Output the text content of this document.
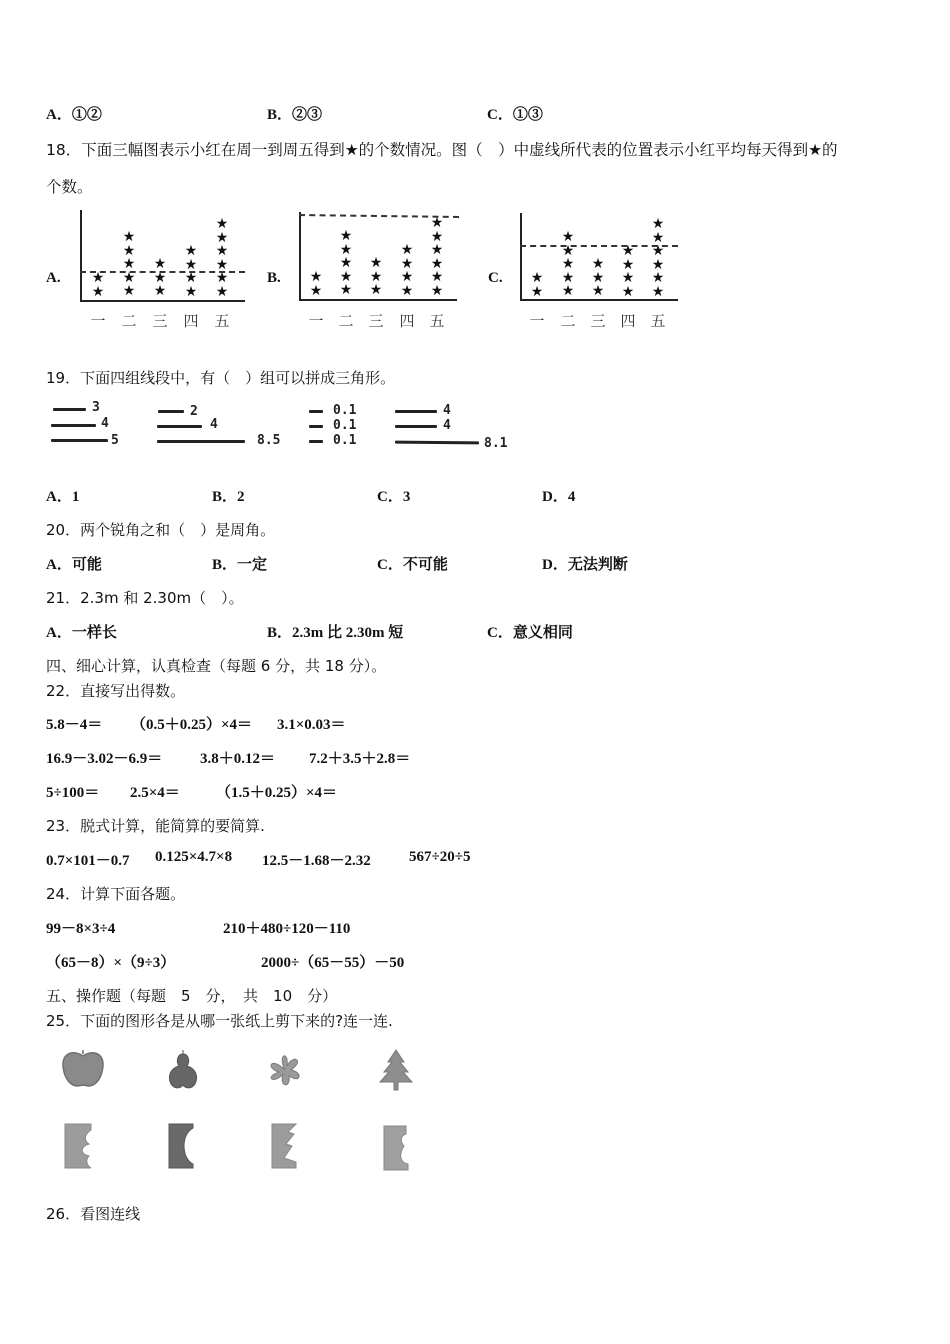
A．①②	B．②③	C．①③
18．下面三幅图表示小红在周一到周五得到★的个数情况。图（　）中虚线所代表的位置表示小红平均每天得到★的
个数。
A.	B.	C.
★
★
★
★
★
★
★
★
★
★
★
★
★
★
★
★
★
★
★
★
一	二	三	四	五
★
★
★
★
★
★
★
★
★
★
★
★
★
★
★
★
★
★
★
★
一 二 三	四 五
★
★
★
★
★
★
★
★
★
★
★
★
★
★
★
★
★
★
★
★
一	二 三 四 五
19．下面四组线段中，有（　）组可以拼成三角形。
3
4
5
2
4
8.5
0.1
0.1
0.1
4
4
8.1
A．1	B．2	C．3	D．4
20．两个锐角之和（　）是周角。
A．可能	B．一定	C．不可能	D．无法判断
21．2.3m 和 2.30m（　）。
A．一样长	B．2.3m 比 2.30m 短	C．意义相同
四、细心计算，认真检查（每题 6 分，共 18 分）。
22．直接写出得数。
5.8－4＝ （0.5＋0.25）×4＝ 3.1×0.03＝
16.9－3.02－6.9＝	3.8＋0.12＝ 7.2＋3.5＋2.8＝
5÷100＝ 2.5×4＝ （1.5＋0.25）×4＝
23．脱式计算，能简算的要简算.
0.7×101－0.7 0.125×4.7×8 12.5－1.68－2.32	567÷20÷5
24．计算下面各题。
99－8×3÷4	210＋480÷120－110
（65－8）×（9÷3）	2000÷（65－55）－50
五、操作题（每题　5　分，　共　10　分）
25．下面的图形各是从哪一张纸上剪下来的?连一连.
26．看图连线
